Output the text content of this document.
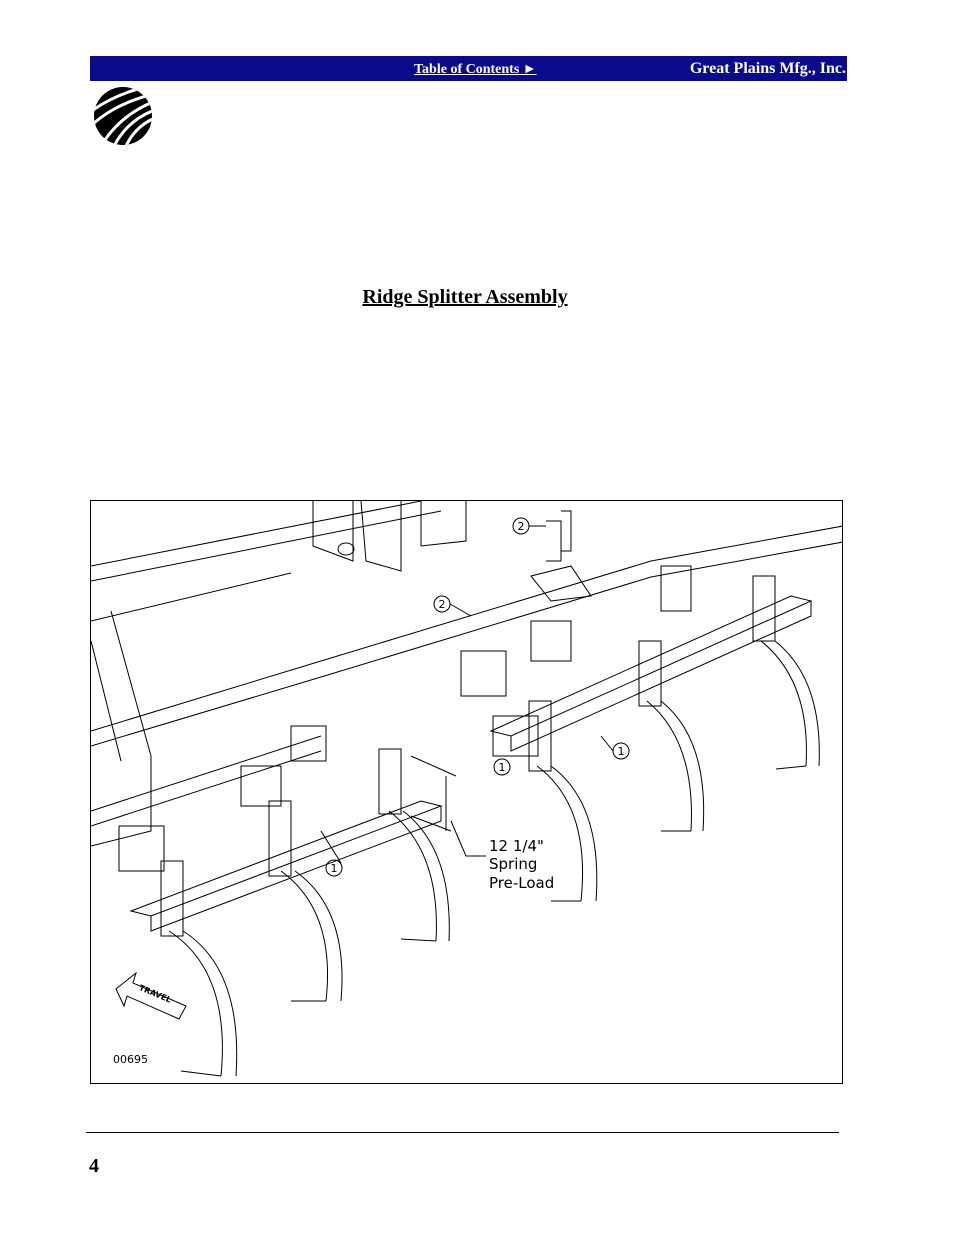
Table of Contents ►	Great Plains Mfg., Inc.
Ridge Splitter Assembly
2
2
1
1
1
12 1/4"
Spring
Pre-Load
TRAVEL
00695
4
